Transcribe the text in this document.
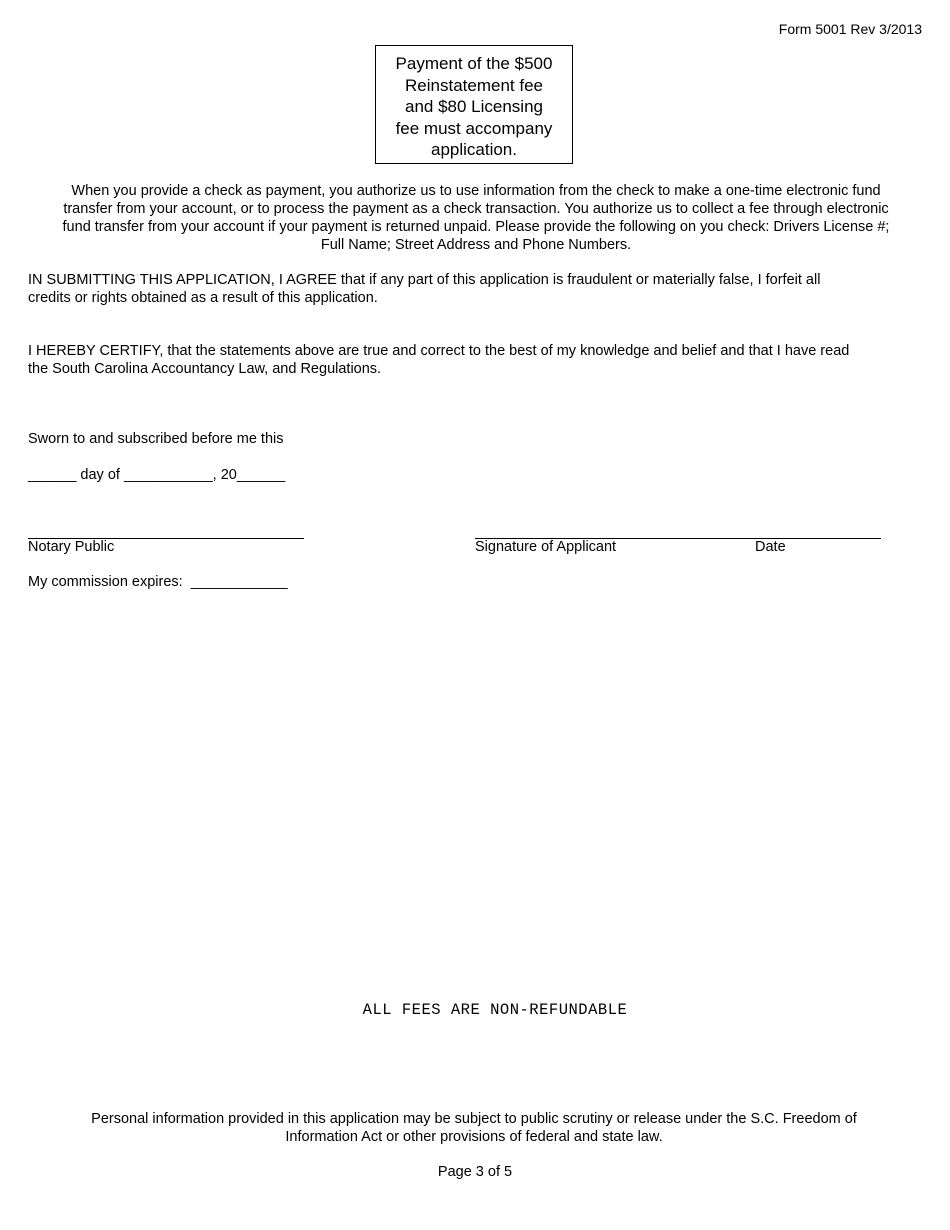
Form 5001 Rev 3/2013
Payment of the $500
Reinstatement fee
and $80 Licensing
fee must accompany
application.
When you provide a check as payment, you authorize us to use information from the check to make a one-time electronic fund
transfer from your account, or to process the payment as a check transaction. You authorize us to collect a fee through electronic
fund transfer from your account if your payment is returned unpaid. Please provide the following on you check: Drivers License #;
Full Name; Street Address and Phone Numbers.
IN SUBMITTING THIS APPLICATION, I AGREE that if any part of this application is fraudulent or materially false, I forfeit all
credits or rights obtained as a result of this application.
I HEREBY CERTIFY, that the statements above are true and correct to the best of my knowledge and belief and that I have read
the South Carolina Accountancy Law, and Regulations.
Sworn to and subscribed before me this
______ day of ___________, 20______
Notary Public	Signature of Applicant	Date
My commission expires:  ____________
ALL FEES ARE NON-REFUNDABLE
Personal information provided in this application may be subject to public scrutiny or release under the S.C. Freedom of
Information Act or other provisions of federal and state law.
Page 3 of 5
